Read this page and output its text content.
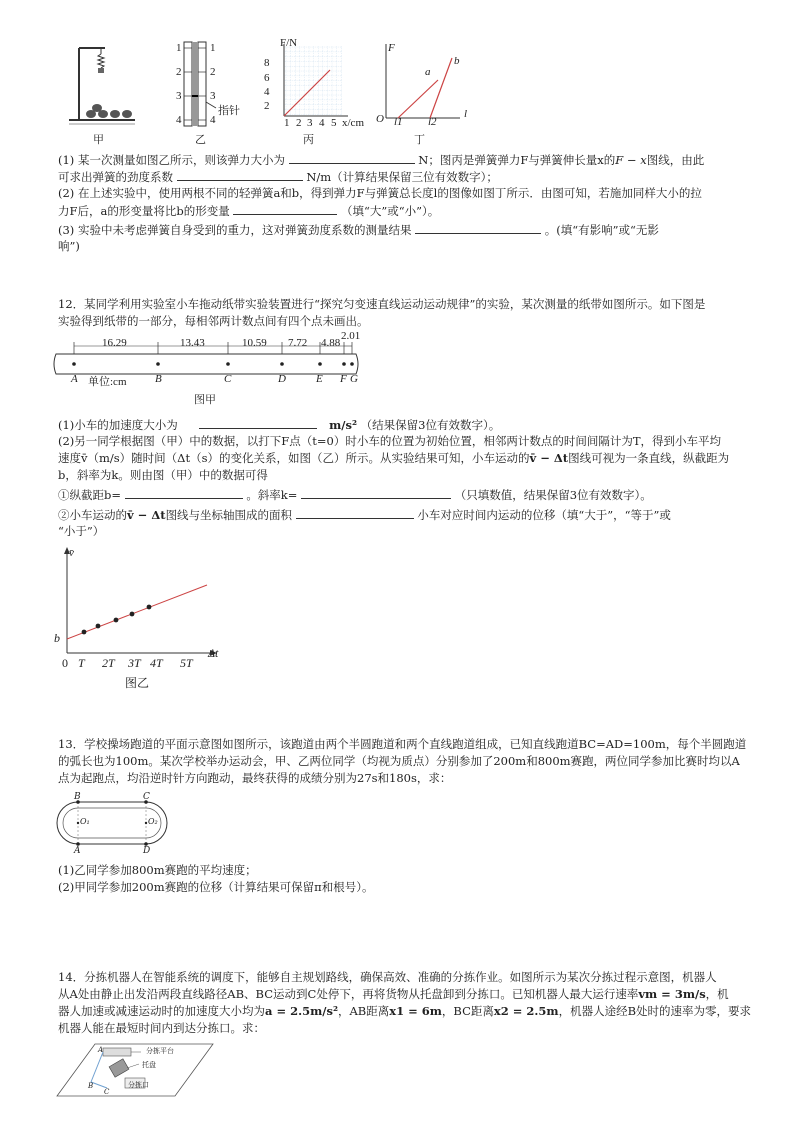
甲
1
2
3
4
1
2
3
4
指针
乙
F/N
8
6
4
2
1 2 3 4 5 x/cm
丙
F
O l1 l2
l
a
b
丁
(1) 某一次测量如图乙所示，则该弹力大小为	N；图丙是弹簧弹力F与弹簧伸长量x的F − x图线，由此
可求出弹簧的劲度系数	N/m（计算结果保留三位有效数字）；
(2) 在上述实验中，使用两根不同的轻弹簧a和b，得到弹力F与弹簧总长度l的图像如图丁所示．由图可知，若施加同样大小的拉
力F后，a的形变量将比b的形变量	（填“大”或“小”）。
(3) 实验中未考虑弹簧自身受到的重力，这对弹簧劲度系数的测量结果	。(填“有影响”或“无影
响”)
12．某同学利用实验室小车拖动纸带实验装置进行“探究匀变速直线运动运动规律”的实验，某次测量的纸带如图所示。如下图是
实验得到纸带的一部分，每相邻两计数点间有四个点未画出。
16.29	13.43	10.59 7.72 4.88
2.01
A 单位:cm	B	C	D	E F G
图甲
(1)小车的加速度大小为	m/s² （结果保留3位有效数字）。
(2)另一同学根据图（甲）中的数据，以打下F点（t=0）时小车的位置为初始位置，相邻两计数点的时间间隔计为T，得到小车平均
速度v̄（m/s）随时间（Δt（s）的变化关系，如图（乙）所示。从实验结果可知，小车运动的v̄ − Δt图线可视为一条直线，纵截距为
b，斜率为k。则由图（甲）中的数据可得
①纵截距b=	。斜率k=	（只填数值，结果保留3位有效数字）。
②小车运动的v̄ − Δt图线与坐标轴围成的面积	小车对应时间内运动的位移（填“大于”，“等于”或
“小于”）
v̄
b
0 T 2T 3T 4T 5T
Δt
图乙
13．学校操场跑道的平面示意图如图所示，该跑道由两个半圆跑道和两个直线跑道组成，已知直线跑道BC=AD=100m，每个半圆跑道
的弧长也为100m。某次学校举办运动会，甲、乙两位同学（均视为质点）分别参加了200m和800m赛跑，两位同学参加比赛时均以A
点为起跑点，均沿逆时针方向跑动，最终获得的成绩分别为27s和180s，求：
B	C
A	D
O₁	O₂
(1)乙同学参加800m赛跑的平均速度；
(2)甲同学参加200m赛跑的位移（计算结果可保留π和根号）。
14．分拣机器人在智能系统的调度下，能够自主规划路线，确保高效、准确的分拣作业。如图所示为某次分拣过程示意图，机器人
从A处由静止出发沿两段直线路径AB、BC运动到C处停下，再将货物从托盘卸到分拣口。已知机器人最大运行速率vm = 3m/s，机
器人加速或减速运动时的加速度大小均为a = 2.5m/s²，AB距离x1 = 6m，BC距离x2 = 2.5m，机器人途经B处时的速率为零，要求
机器人能在最短时间内到达分拣口。求：
分拣平台
托盘
分拣口
A
B
C
